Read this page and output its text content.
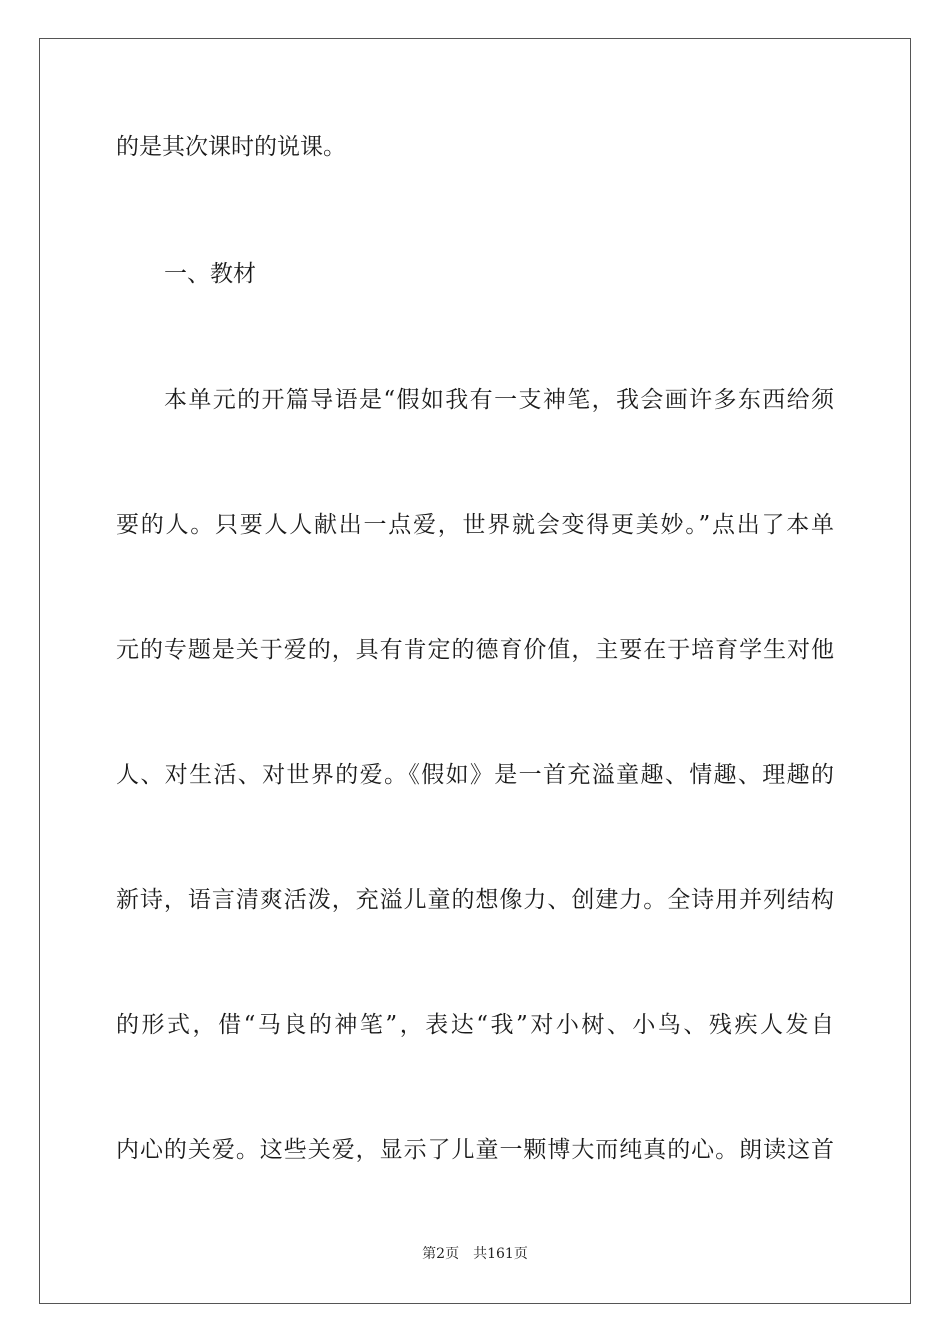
的是其次课时的说课。
一、教材
本单元的开篇导语是“假如我有一支神笔，我会画许多东西给须
要的人。只要人人献出一点爱，世界就会变得更美妙。”点出了本单
元的专题是关于爱的，具有肯定的德育价值，主要在于培育学生对他
人、对生活、对世界的爱。《假如》是一首充溢童趣、情趣、理趣的
新诗，语言清爽活泼，充溢儿童的想像力、创建力。全诗用并列结构
的形式，借“马良的神笔”，表达“我”对小树、小鸟、残疾人发自
内心的关爱。这些关爱，显示了儿童一颗博大而纯真的心。朗读这首
第2页 共161页
